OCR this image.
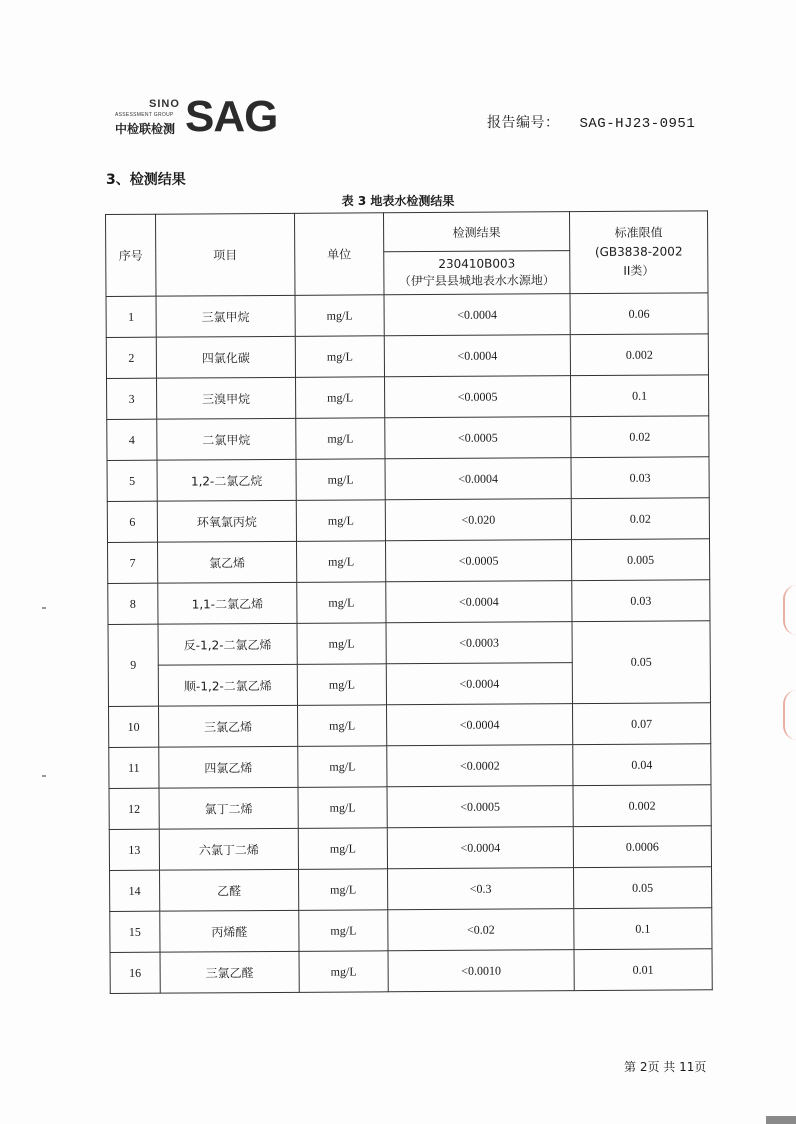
SINO
ASSESSMENT GROUP
中检联检测 SAG	报告编号： SAG-HJ23-0951
3、检测结果
表 3 地表水检测结果
序号	项目	单位	检测结果	标准限值
(GB3838-2002
II类）

			230410B003
（伊宁县县城地表水水源地）	

1	三氯甲烷	mg/L	<0.0004	0.06
2	四氯化碳	mg/L	<0.0004	0.002
3	三溴甲烷	mg/L	<0.0005	0.1
4	二氯甲烷	mg/L	<0.0005	0.02
5	1,2-二氯乙烷	mg/L	<0.0004	0.03
6	环氧氯丙烷	mg/L	<0.020	0.02
7	氯乙烯	mg/L	<0.0005	0.005
8	1,1-二氯乙烯	mg/L	<0.0004	0.03
9	反-1,2-二氯乙烯	mg/L	<0.0003	0.05
	顺-1,2-二氯乙烯	mg/L	<0.0004	
10	三氯乙烯	mg/L	<0.0004	0.07
11	四氯乙烯	mg/L	<0.0002	0.04
12	氯丁二烯	mg/L	<0.0005	0.002
13	六氯丁二烯	mg/L	<0.0004	0.0006
14	乙醛	mg/L	<0.3	0.05
15	丙烯醛	mg/L	<0.02	0.1
16	三氯乙醛	mg/L	<0.0010	0.01
第 2页 共 11页
